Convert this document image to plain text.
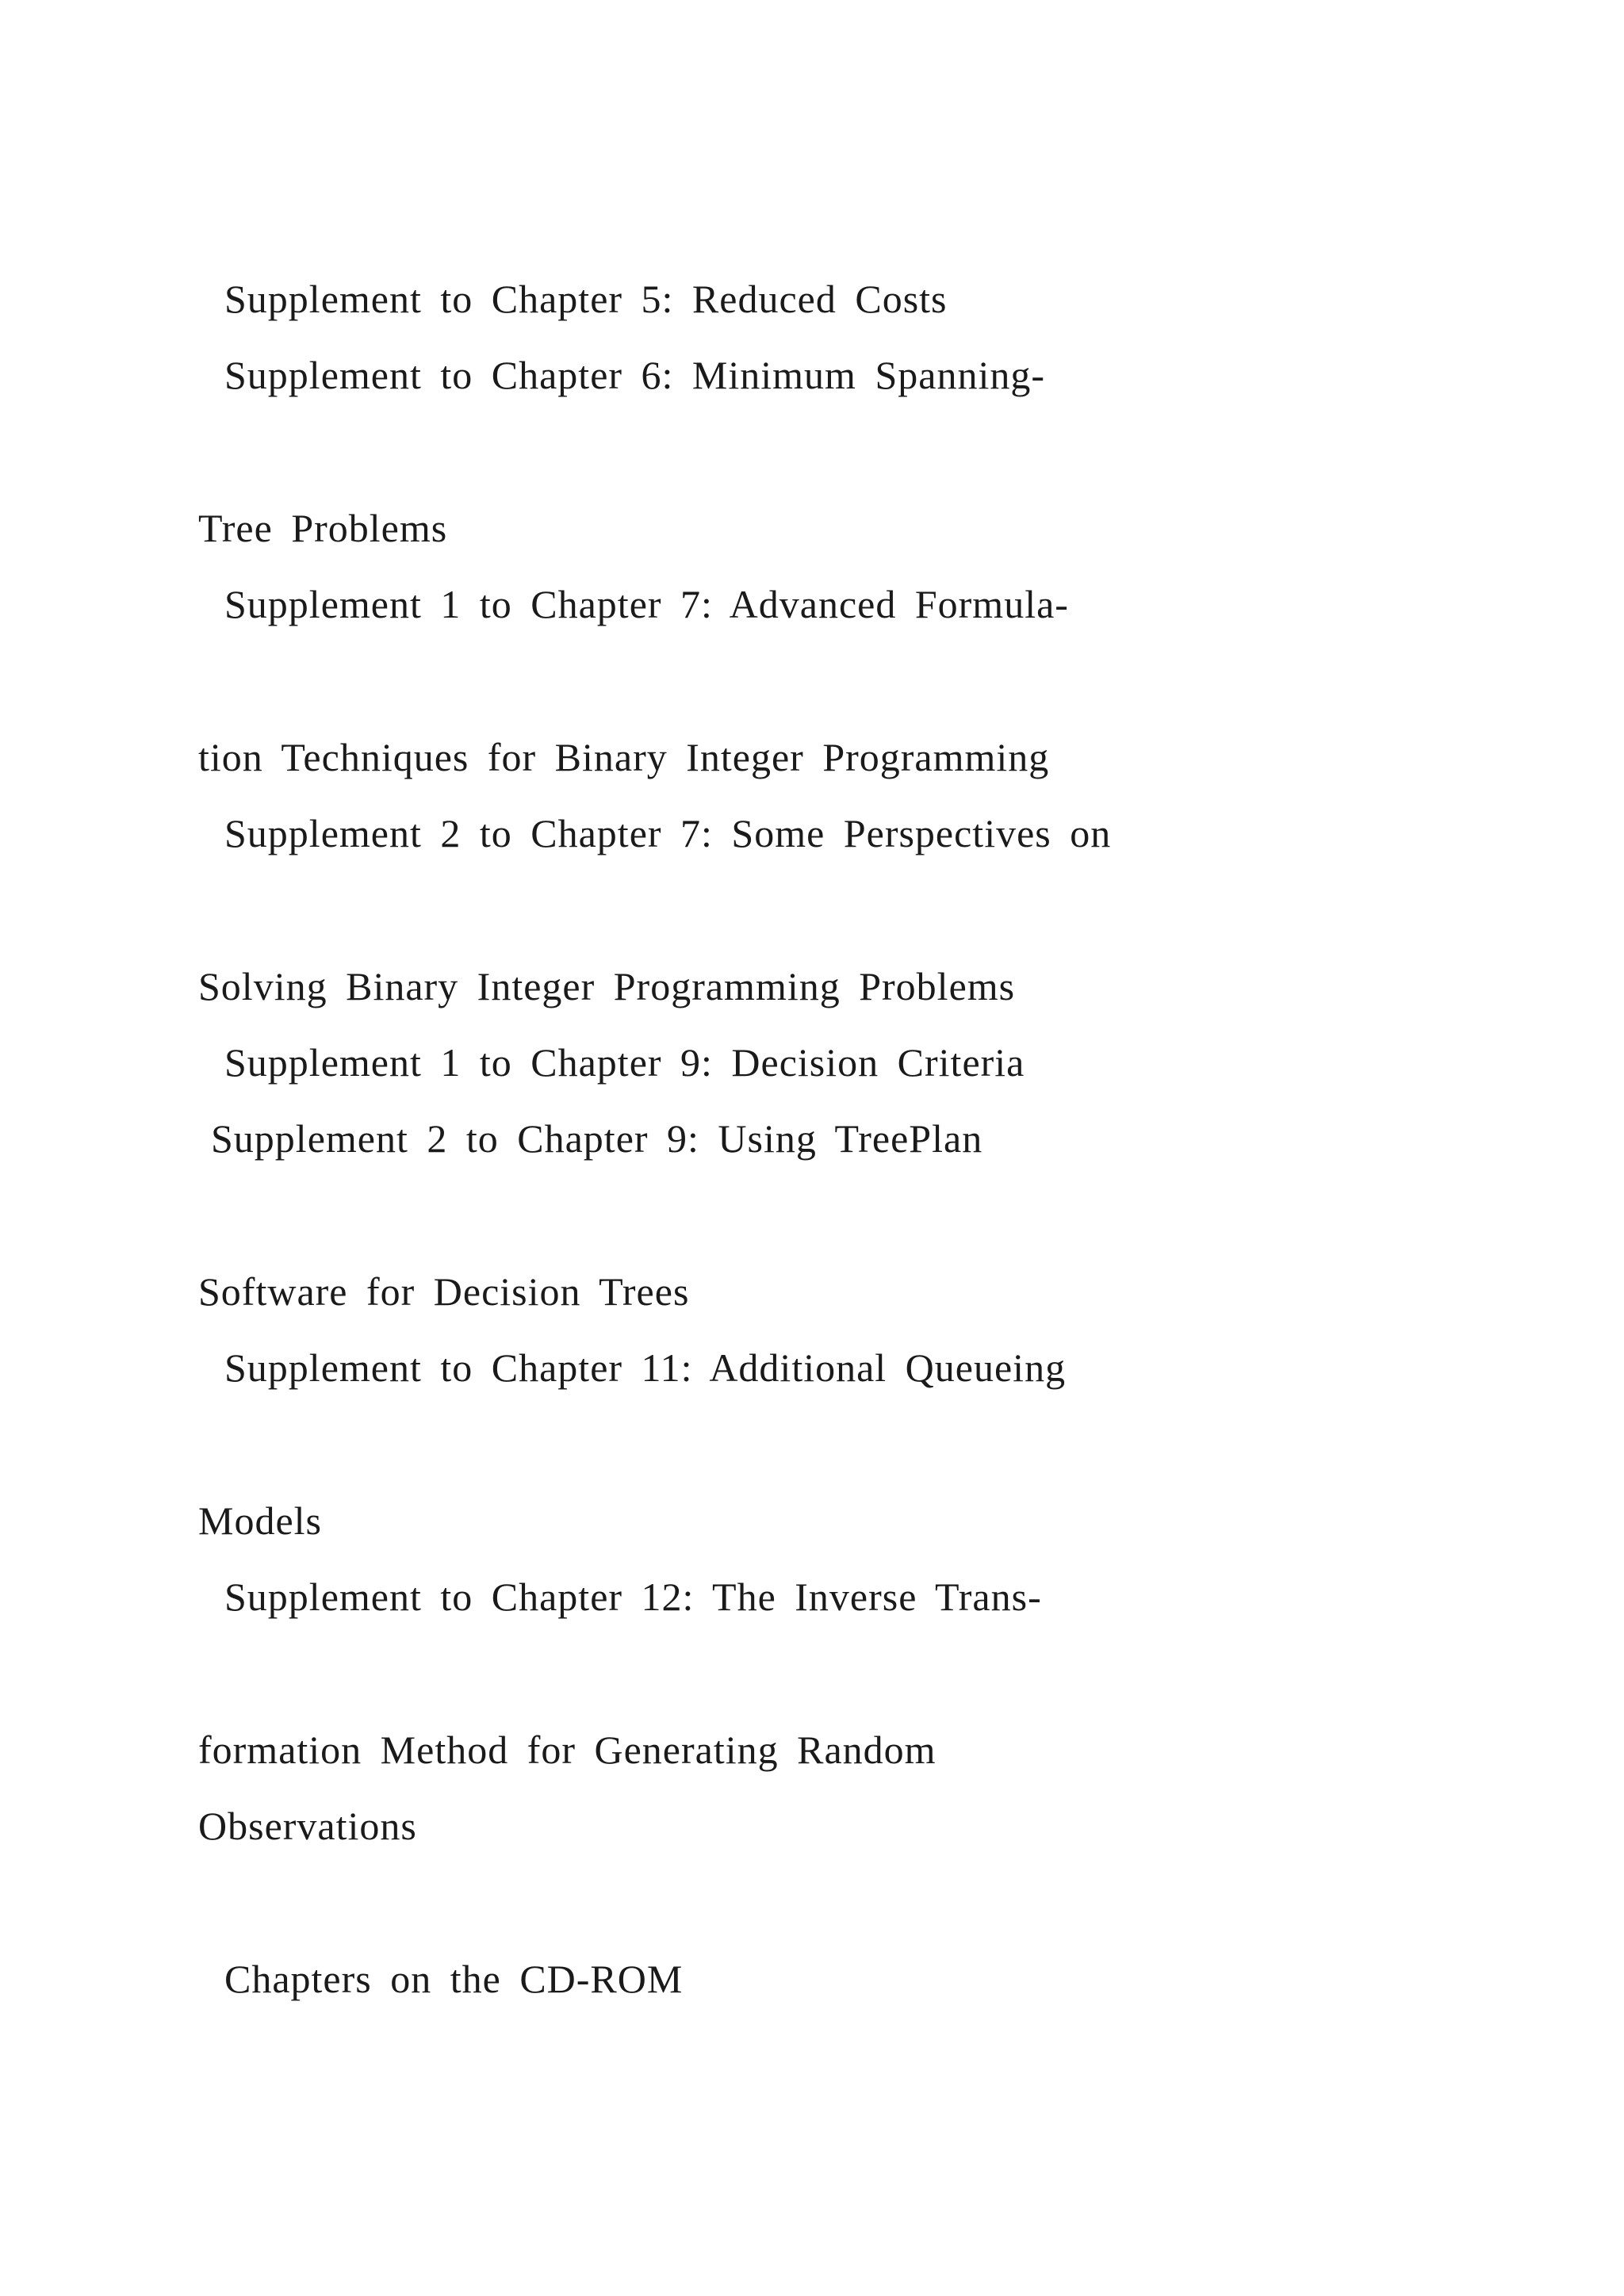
Supplement to Chapter 5: Reduced Costs
Supplement to Chapter 6: Minimum Spanning-
Tree Problems
Supplement 1 to Chapter 7: Advanced Formula-
tion Techniques for Binary Integer Programming
Supplement 2 to Chapter 7: Some Perspectives on
Solving Binary Integer Programming Problems
Supplement 1 to Chapter 9: Decision Criteria
Supplement 2 to Chapter 9: Using TreePlan
Software for Decision Trees
Supplement to Chapter 11: Additional Queueing
Models
Supplement to Chapter 12: The Inverse Trans-
formation Method for Generating Random
Observations
Chapters on the CD-ROM
